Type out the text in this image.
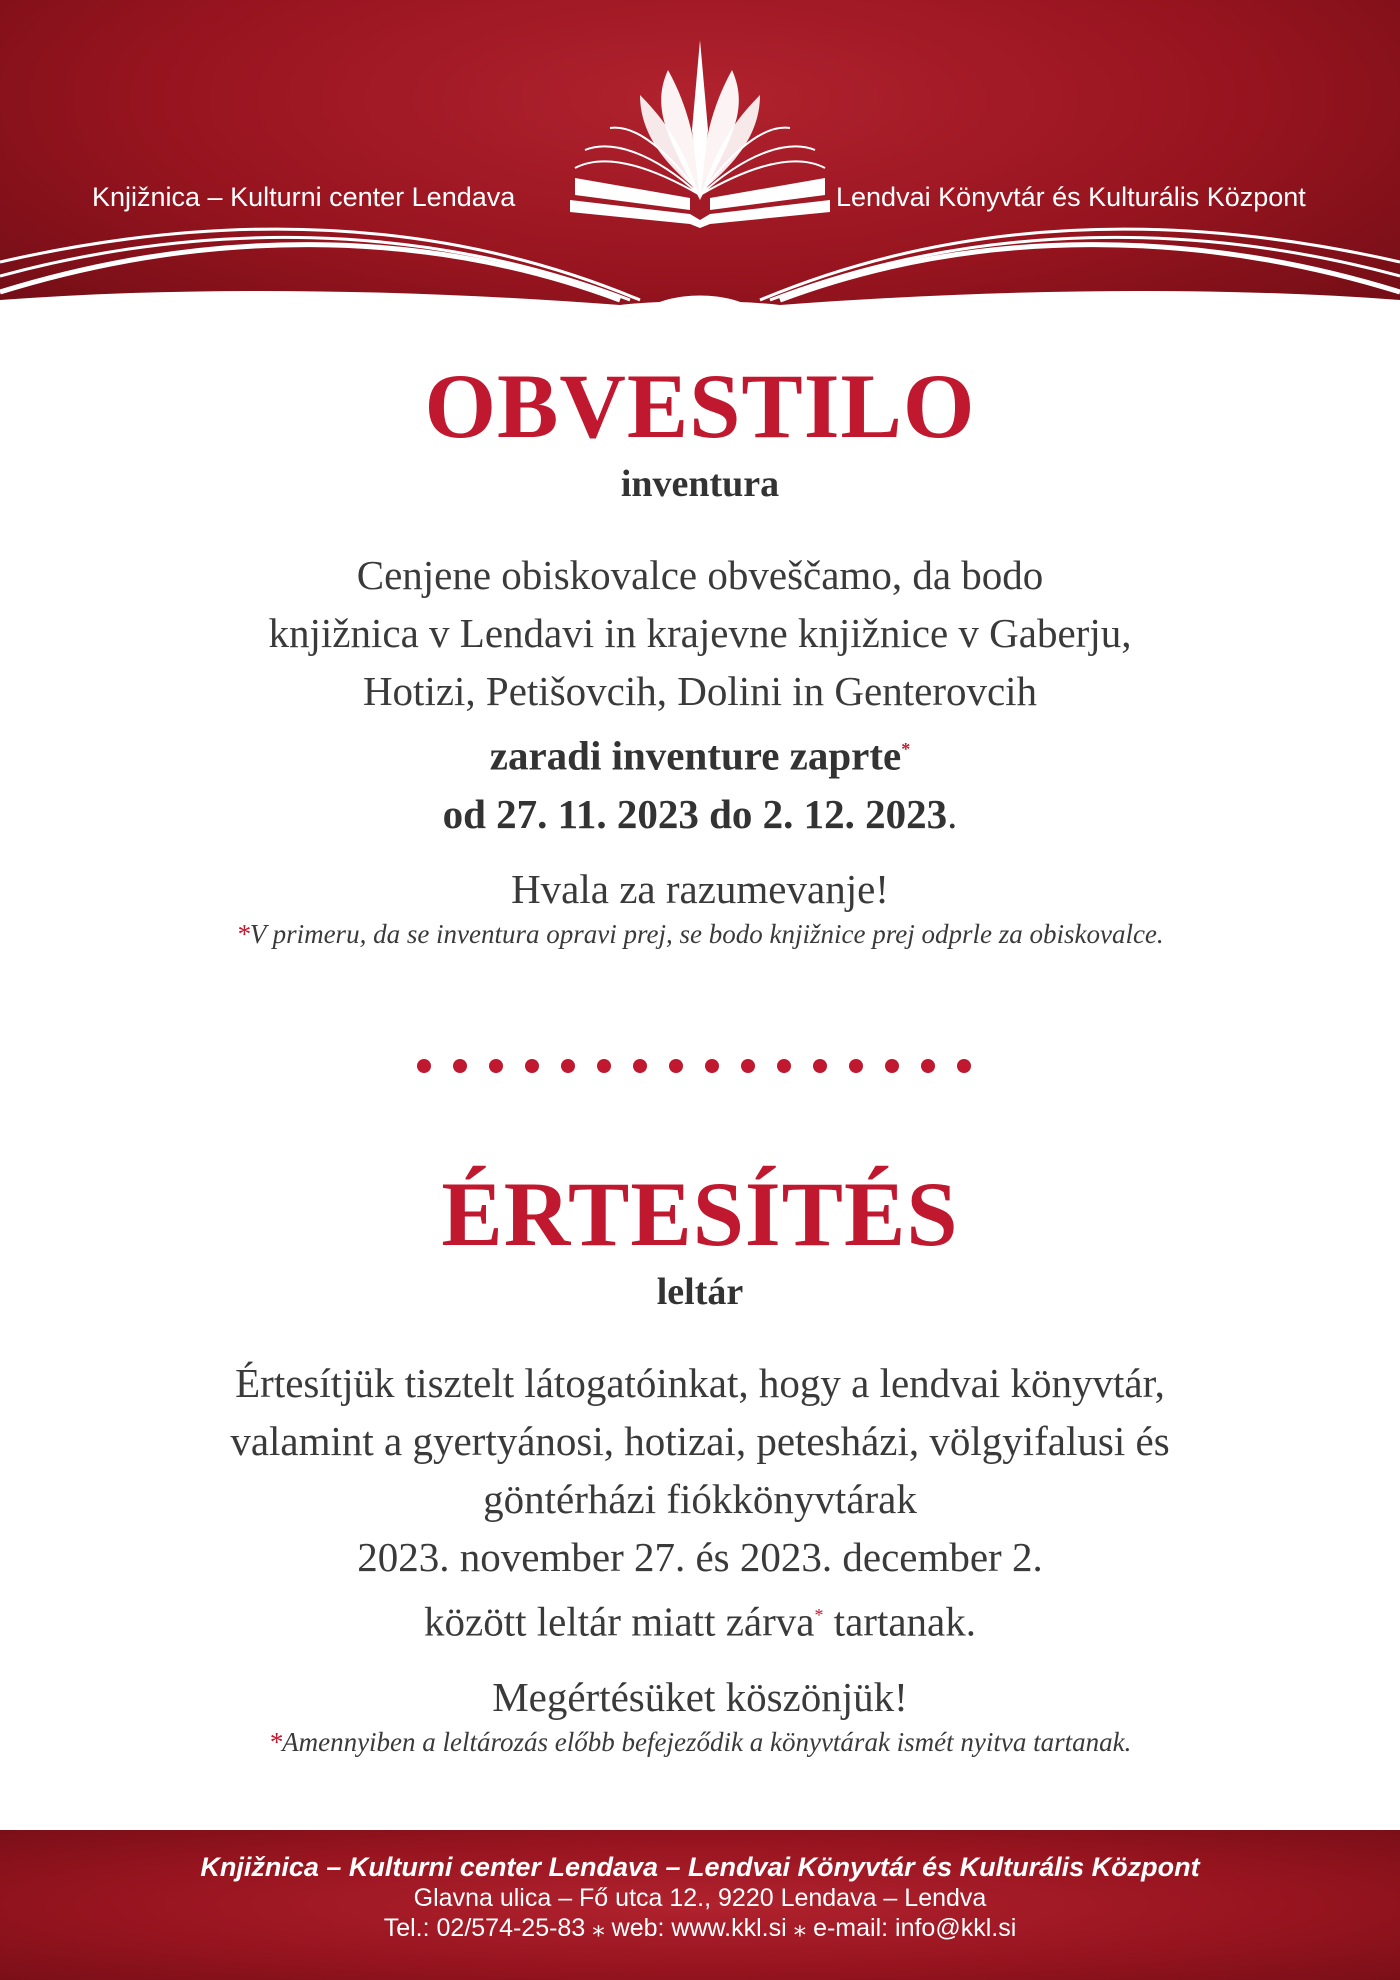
Knjižnica – Kulturni center Lendava	Lendvai Könyvtár és Kulturális Központ
OBVESTILO
inventura
Cenjene obiskovalce obveščamo, da bodo
knjižnica v Lendavi in krajevne knjižnice v Gaberju,
Hotizi, Petišovcih, Dolini in Genterovcih
zaradi inventure zaprte*
od 27. 11. 2023 do 2. 12. 2023.
Hvala za razumevanje!
*V primeru, da se inventura opravi prej, se bodo knjižnice prej odprle za obiskovalce.
ÉRTESÍTÉS
leltár
Értesítjük tisztelt látogatóinkat, hogy a lendvai könyvtár,
valamint a gyertyánosi, hotizai, petesházi, völgyifalusi és
göntérházi fiókkönyvtárak
2023. november 27. és 2023. december 2.
között leltár miatt zárva* tartanak.
Megértésüket köszönjük!
*Amennyiben a leltározás előbb befejeződik a könyvtárak ismét nyitva tartanak.
Knjižnica – Kulturni center Lendava – Lendvai Könyvtár és Kulturális Központ
Glavna ulica – Fő utca 12., 9220 Lendava – Lendva
Tel.: 02/574-25-83 ⁎ web: www.kkl.si ⁎ e-mail: info@kkl.si
